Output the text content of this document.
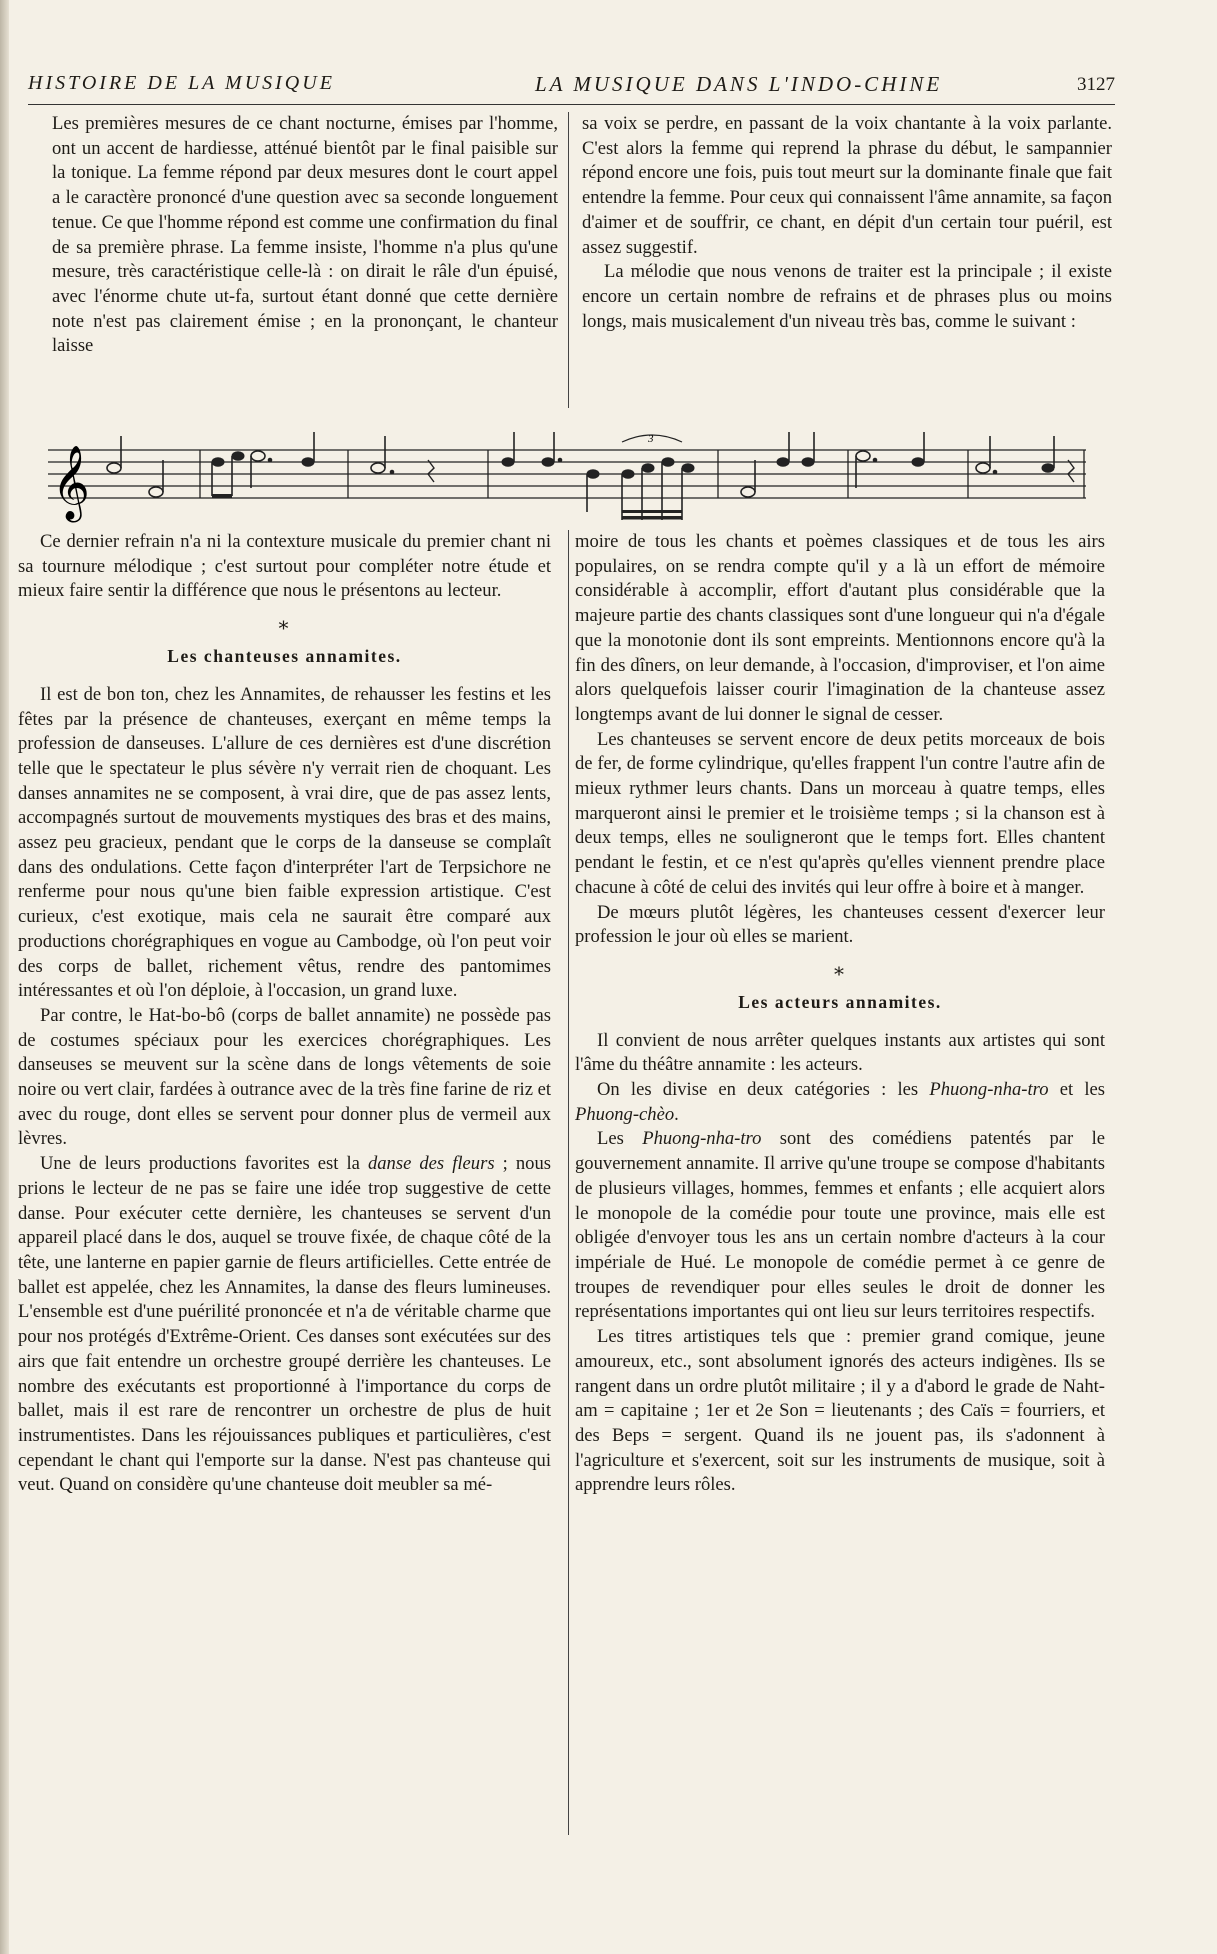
HISTOIRE DE LA MUSIQUE	LA MUSIQUE DANS L'INDO-CHINE	3127

Les premières mesures de ce chant nocturne, émises par l'homme, ont un accent de hardiesse, atténué bientôt par le final paisible sur la tonique. La femme répond par deux mesures dont le court appel a le caractère prononcé d'une question avec sa seconde longuement tenue. Ce que l'homme répond est comme une confirmation du final de sa première phrase. La femme insiste, l'homme n'a plus qu'une mesure, très caractéristique celle-là : on dirait le râle d'un épuisé, avec l'énorme chute ut-fa, surtout étant donné que cette dernière note n'est pas clairement émise ; en la prononçant, le chanteur laisse

sa voix se perdre, en passant de la voix chantante à la voix parlante. C'est alors la femme qui reprend la phrase du début, le sampannier répond encore une fois, puis tout meurt sur la dominante finale que fait entendre la femme. Pour ceux qui connaissent l'âme annamite, sa façon d'aimer et de souffrir, ce chant, en dépit d'un certain tour puéril, est assez suggestif.

La mélodie que nous venons de traiter est la principale ; il existe encore un certain nombre de refrains et de phrases plus ou moins longs, mais musicalement d'un niveau très bas, comme le suivant :

𝄞
3

Ce dernier refrain n'a ni la contexture musicale du premier chant ni sa tournure mélodique ; c'est surtout pour compléter notre étude et mieux faire sentir la différence que nous le présentons au lecteur.

⁎
Les chanteuses annamites.

Il est de bon ton, chez les Annamites, de rehausser les festins et les fêtes par la présence de chanteuses, exerçant en même temps la profession de danseuses. L'allure de ces dernières est d'une discrétion telle que le spectateur le plus sévère n'y verrait rien de choquant. Les danses annamites ne se composent, à vrai dire, que de pas assez lents, accompagnés surtout de mouvements mystiques des bras et des mains, assez peu gracieux, pendant que le corps de la danseuse se complaît dans des ondulations. Cette façon d'interpréter l'art de Terpsichore ne renferme pour nous qu'une bien faible expression artistique. C'est curieux, c'est exotique, mais cela ne saurait être comparé aux productions chorégraphiques en vogue au Cambodge, où l'on peut voir des corps de ballet, richement vêtus, rendre des pantomimes intéressantes et où l'on déploie, à l'occasion, un grand luxe.

Par contre, le Hat-bo-bô (corps de ballet annamite) ne possède pas de costumes spéciaux pour les exercices chorégraphiques. Les danseuses se meuvent sur la scène dans de longs vêtements de soie noire ou vert clair, fardées à outrance avec de la très fine farine de riz et avec du rouge, dont elles se servent pour donner plus de vermeil aux lèvres.

Une de leurs productions favorites est la danse des fleurs ; nous prions le lecteur de ne pas se faire une idée trop suggestive de cette danse. Pour exécuter cette dernière, les chanteuses se servent d'un appareil placé dans le dos, auquel se trouve fixée, de chaque côté de la tête, une lanterne en papier garnie de fleurs artificielles. Cette entrée de ballet est appelée, chez les Annamites, la danse des fleurs lumineuses. L'ensemble est d'une puérilité prononcée et n'a de véritable charme que pour nos protégés d'Extrême-Orient. Ces danses sont exécutées sur des airs que fait entendre un orchestre groupé derrière les chanteuses. Le nombre des exécutants est proportionné à l'importance du corps de ballet, mais il est rare de rencontrer un orchestre de plus de huit instrumentistes. Dans les réjouissances publiques et particulières, c'est cependant le chant qui l'emporte sur la danse. N'est pas chanteuse qui veut. Quand on considère qu'une chanteuse doit meubler sa mé-

moire de tous les chants et poèmes classiques et de tous les airs populaires, on se rendra compte qu'il y a là un effort de mémoire considérable à accomplir, effort d'autant plus considérable que la majeure partie des chants classiques sont d'une longueur qui n'a d'égale que la monotonie dont ils sont empreints. Mentionnons encore qu'à la fin des dîners, on leur demande, à l'occasion, d'improviser, et l'on aime alors quelquefois laisser courir l'imagination de la chanteuse assez longtemps avant de lui donner le signal de cesser.

Les chanteuses se servent encore de deux petits morceaux de bois de fer, de forme cylindrique, qu'elles frappent l'un contre l'autre afin de mieux rythmer leurs chants. Dans un morceau à quatre temps, elles marqueront ainsi le premier et le troisième temps ; si la chanson est à deux temps, elles ne souligneront que le temps fort. Elles chantent pendant le festin, et ce n'est qu'après qu'elles viennent prendre place chacune à côté de celui des invités qui leur offre à boire et à manger.

De mœurs plutôt légères, les chanteuses cessent d'exercer leur profession le jour où elles se marient.

⁎
Les acteurs annamites.

Il convient de nous arrêter quelques instants aux artistes qui sont l'âme du théâtre annamite : les acteurs.

On les divise en deux catégories : les Phuong-nha-tro et les Phuong-chèo.

Les Phuong-nha-tro sont des comédiens patentés par le gouvernement annamite. Il arrive qu'une troupe se compose d'habitants de plusieurs villages, hommes, femmes et enfants ; elle acquiert alors le monopole de la comédie pour toute une province, mais elle est obligée d'envoyer tous les ans un certain nombre d'acteurs à la cour impériale de Hué. Le monopole de comédie permet à ce genre de troupes de revendiquer pour elles seules le droit de donner les représentations importantes qui ont lieu sur leurs territoires respectifs.

Les titres artistiques tels que : premier grand comique, jeune amoureux, etc., sont absolument ignorés des acteurs indigènes. Ils se rangent dans un ordre plutôt militaire ; il y a d'abord le grade de Naht-am = capitaine ; 1er et 2e Son = lieutenants ; des Caïs = fourriers, et des Beps = sergent. Quand ils ne jouent pas, ils s'adonnent à l'agriculture et s'exercent, soit sur les instruments de musique, soit à apprendre leurs rôles.
